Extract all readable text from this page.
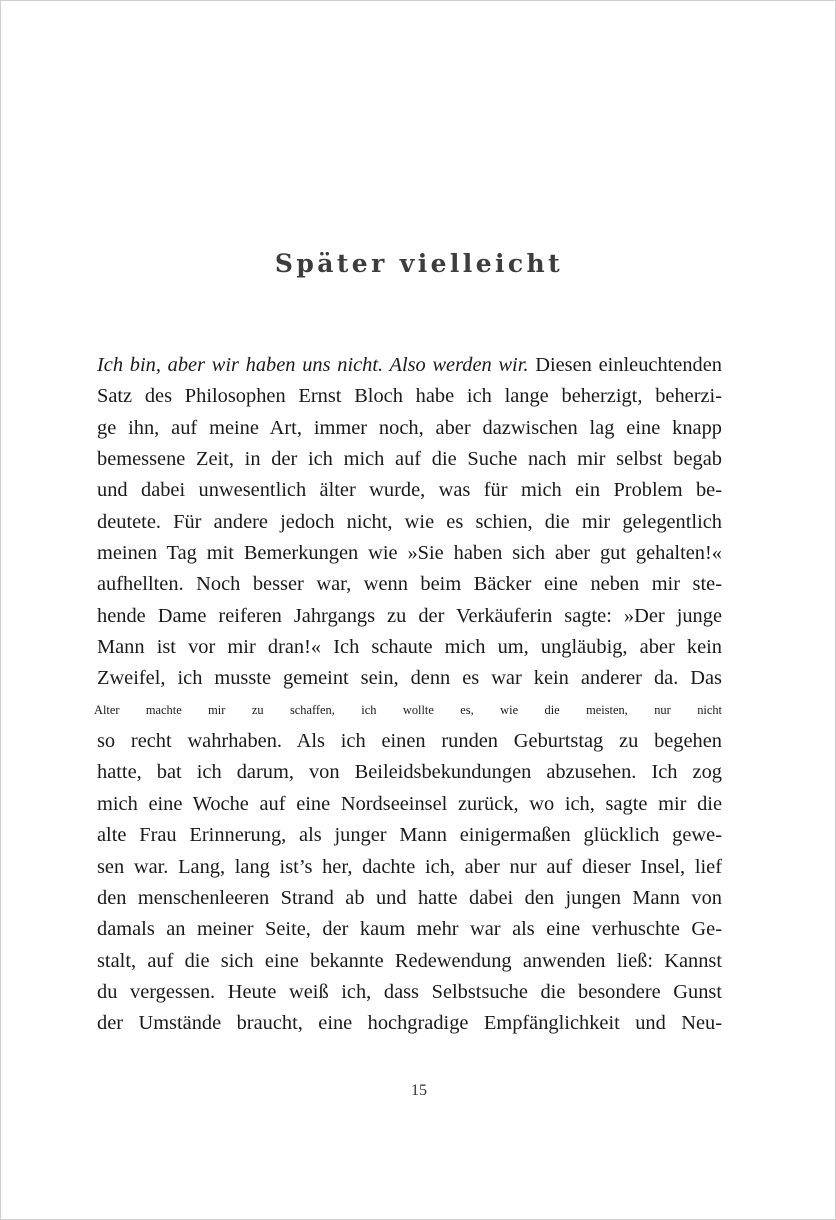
Später vielleicht
Ich bin, aber wir haben uns nicht. Also werden wir. Diesen einleuchtenden
Satz des Philosophen Ernst Bloch habe ich lange beherzigt, beherzi-
ge ihn, auf meine Art, immer noch, aber dazwischen lag eine knapp
bemessene Zeit, in der ich mich auf die Suche nach mir selbst begab
und dabei unwesentlich älter wurde, was für mich ein Problem be-
deutete. Für andere jedoch nicht, wie es schien, die mir gelegentlich
meinen Tag mit Bemerkungen wie »Sie haben sich aber gut gehalten!«
aufhellten. Noch besser war, wenn beim Bäcker eine neben mir ste-
hende Dame reiferen Jahrgangs zu der Verkäuferin sagte: »Der junge
Mann ist vor mir dran!« Ich schaute mich um, ungläubig, aber kein
Zweifel, ich musste gemeint sein, denn es war kein anderer da. Das
Alter machte mir zu schaffen, ich wollte es, wie die meisten, nur nicht
so recht wahrhaben. Als ich einen runden Geburtstag zu begehen
hatte, bat ich darum, von Beileidsbekundungen abzusehen. Ich zog
mich eine Woche auf eine Nordseeinsel zurück, wo ich, sagte mir die
alte Frau Erinnerung, als junger Mann einigermaßen glücklich gewe-
sen war. Lang, lang ist’s her, dachte ich, aber nur auf dieser Insel, lief
den menschenleeren Strand ab und hatte dabei den jungen Mann von
damals an meiner Seite, der kaum mehr war als eine verhuschte Ge-
stalt, auf die sich eine bekannte Redewendung anwenden ließ: Kannst
du vergessen. Heute weiß ich, dass Selbstsuche die besondere Gunst
der Umstände braucht, eine hochgradige Empfänglichkeit und Neu-
15
